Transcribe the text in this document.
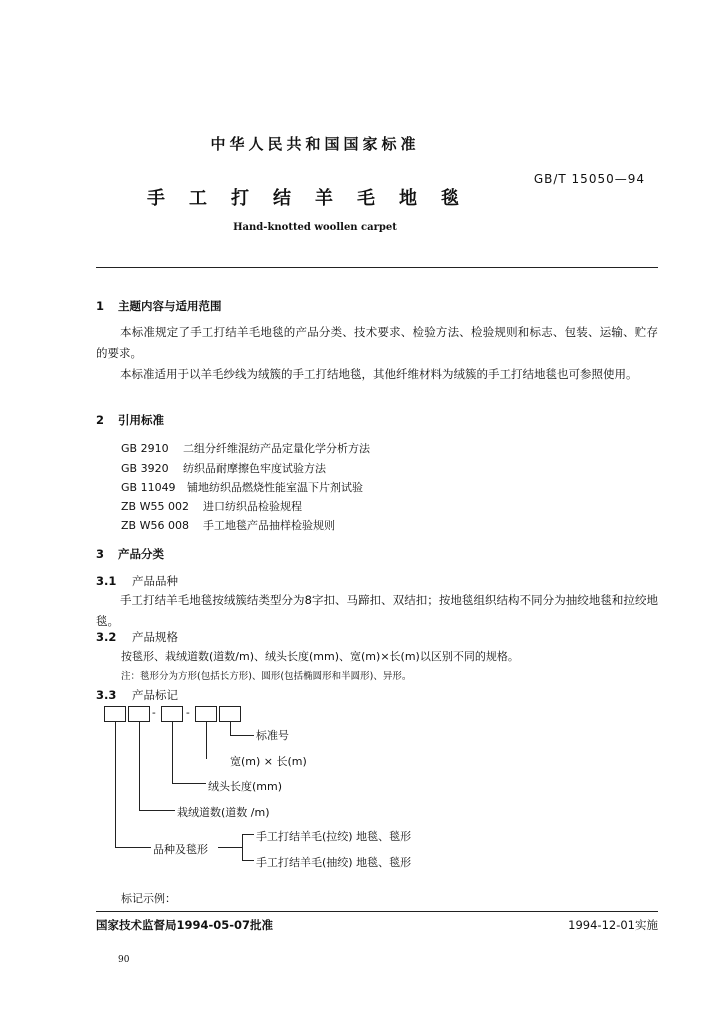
中华人民共和国国家标准
GB/T 15050—94
手工打结羊毛地毯
Hand-knotted woollen carpet
1 主题内容与适用范围
本标准规定了手工打结羊毛地毯的产品分类、技术要求、检验方法、检验规则和标志、包装、运输、贮存的要求。
本标准适用于以羊毛纱线为绒簇的手工打结地毯，其他纤维材料为绒簇的手工打结地毯也可参照使用。
2 引用标准
GB 2910 二组分纤维混纺产品定量化学分析方法
GB 3920 纺织品耐摩擦色牢度试验方法
GB 11049 铺地纺织品燃烧性能室温下片剂试验
ZB W55 002 进口纺织品检验规程
ZB W56 008 手工地毯产品抽样检验规则
3 产品分类
3.1 产品品种
手工打结羊毛地毯按绒簇结类型分为8字扣、马蹄扣、双结扣；按地毯组织结构不同分为抽绞地毯和拉绞地毯。
3.2 产品规格
按毯形、栽绒道数(道数/m)、绒头长度(mm)、宽(m)×长(m)以区别不同的规格。
注：毯形分为方形(包括长方形)、圆形(包括椭圆形和半圆形)、异形。
3.3 产品标记
-	-
标准号
宽(m) × 长(m)
绒头长度(mm)
栽绒道数(道数 /m)
品种及毯形
手工打结羊毛(拉绞) 地毯、毯形
手工打结羊毛(抽绞) 地毯、毯形
标记示例：
国家技术监督局1994-05-07批准	1994-12-01实施
90
